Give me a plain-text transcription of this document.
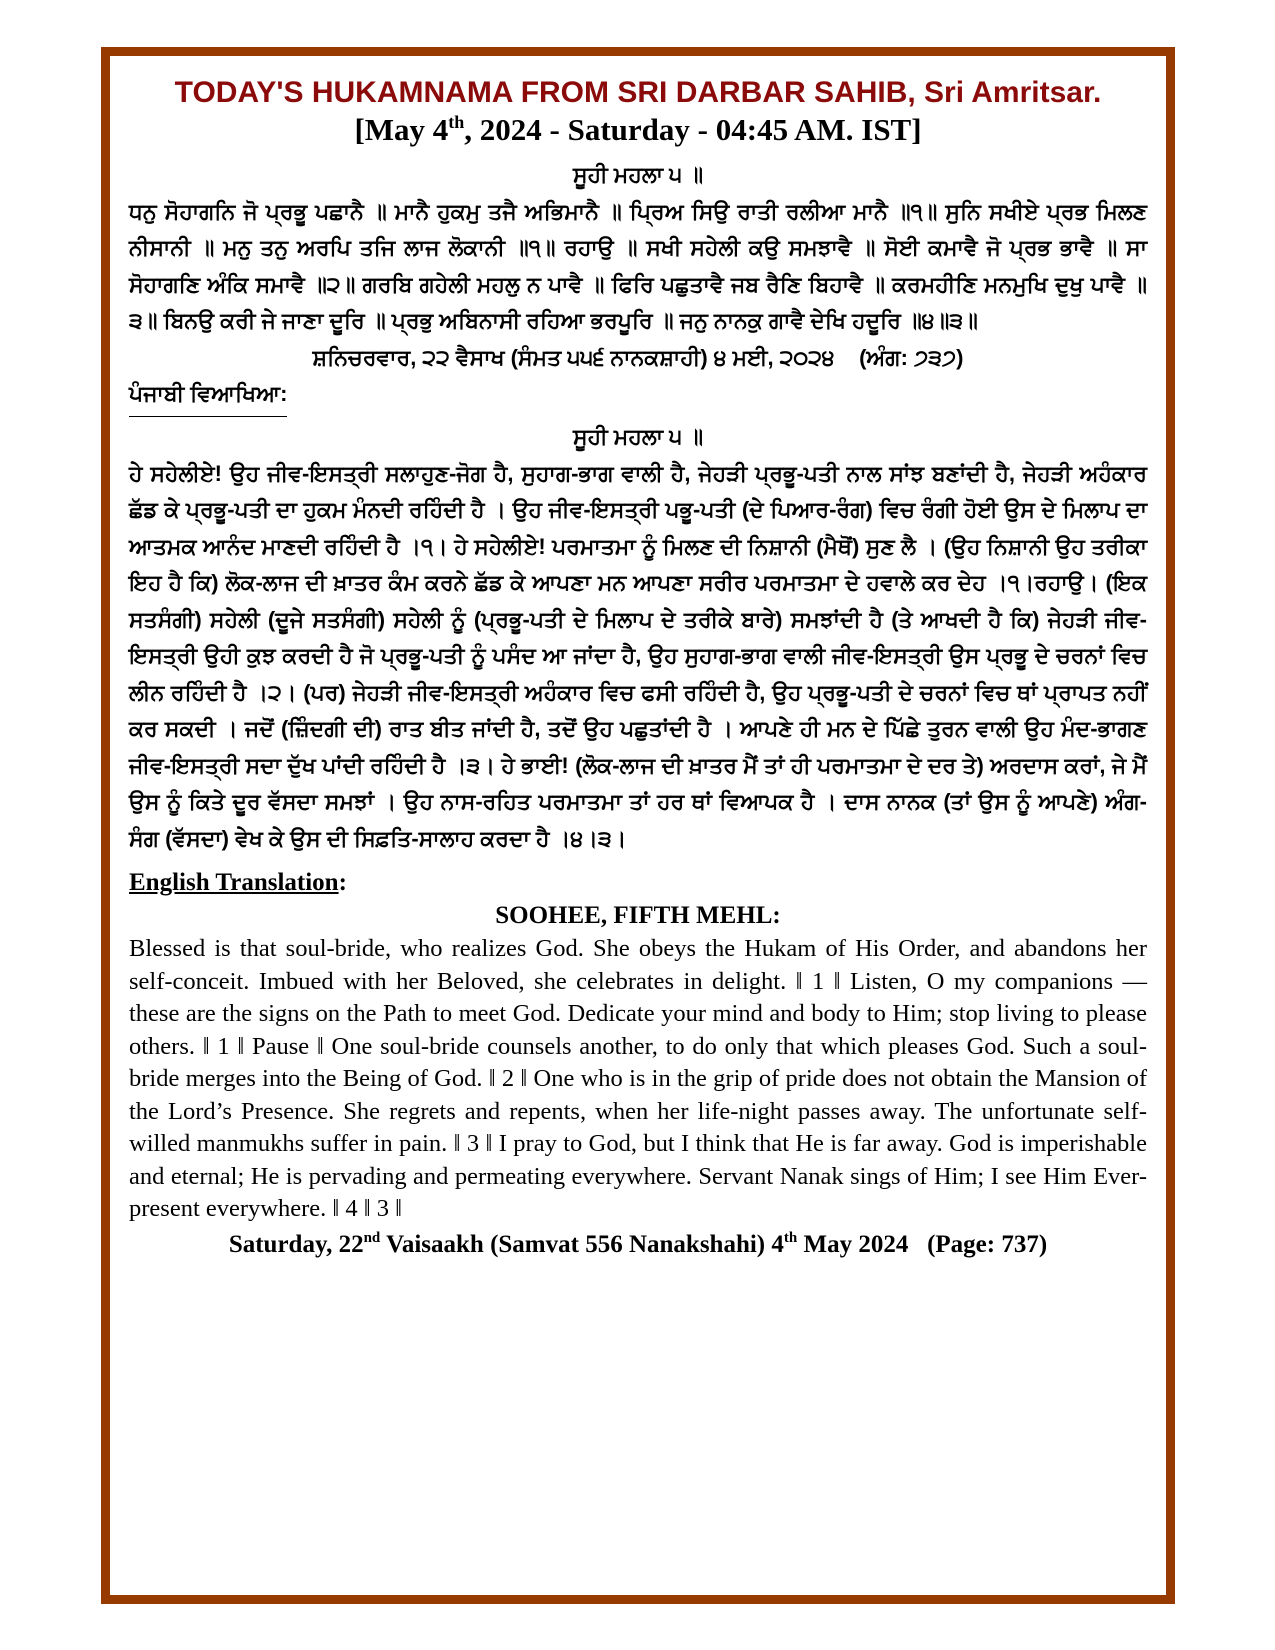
TODAY'S HUKAMNAMA FROM SRI DARBAR SAHIB, Sri Amritsar.
[May 4th, 2024 - Saturday - 04:45 AM. IST]
ਸੂਹੀ ਮਹਲਾ ੫ ॥
ਧਨੁ ਸੋਹਾਗਨਿ ਜੋ ਪ੍ਰਭੂ ਪਛਾਨੈ ॥ ਮਾਨੈ ਹੁਕਮੁ ਤਜੈ ਅਭਿਮਾਨੈ ॥ ਪ੍ਰਿਅ ਸਿਉ ਰਾਤੀ ਰਲੀਆ ਮਾਨੈ ॥੧॥ ਸੁਨਿ ਸਖੀਏ ਪ੍ਰਭ ਮਿਲਣ ਨੀਸਾਨੀ ॥ ਮਨੁ ਤਨੁ ਅਰਪਿ ਤਜਿ ਲਾਜ ਲੋਕਾਨੀ ॥੧॥ ਰਹਾਉ ॥ ਸਖੀ ਸਹੇਲੀ ਕਉ ਸਮਝਾਵੈ ॥ ਸੋਈ ਕਮਾਵੈ ਜੋ ਪ੍ਰਭ ਭਾਵੈ ॥ ਸਾ ਸੋਹਾਗਣਿ ਅੰਕਿ ਸਮਾਵੈ ॥੨॥ ਗਰਬਿ ਗਹੇਲੀ ਮਹਲੁ ਨ ਪਾਵੈ ॥ ਫਿਰਿ ਪਛੁਤਾਵੈ ਜਬ ਰੈਣਿ ਬਿਹਾਵੈ ॥ ਕਰਮਹੀਣਿ ਮਨਮੁਖਿ ਦੁਖੁ ਪਾਵੈ ॥੩॥ ਬਿਨਉ ਕਰੀ ਜੇ ਜਾਣਾ ਦੂਰਿ ॥ ਪ੍ਰਭੁ ਅਬਿਨਾਸੀ ਰਹਿਆ ਭਰਪੂਰਿ ॥ ਜਨੁ ਨਾਨਕੁ ਗਾਵੈ ਦੇਖਿ ਹਦੂਰਿ ॥੪॥੩॥
ਸ਼ਨਿਚਰਵਾਰ, ੨੨ ਵੈਸਾਖ (ਸੰਮਤ ੫੫੬ ਨਾਨਕਸ਼ਾਹੀ) ੪ ਮਈ, ੨੦੨੪ (ਅੰਗ: ੭੩੭)
ਪੰਜਾਬੀ ਵਿਆਖਿਆ:
ਸੂਹੀ ਮਹਲਾ ੫ ॥
ਹੇ ਸਹੇਲੀਏ! ਉਹ ਜੀਵ-ਇਸਤ੍ਰੀ ਸਲਾਹੁਣ-ਜੋਗ ਹੈ, ਸੁਹਾਗ-ਭਾਗ ਵਾਲੀ ਹੈ, ਜੇਹੜੀ ਪ੍ਰਭੂ-ਪਤੀ ਨਾਲ ਸਾਂਝ ਬਣਾਂਦੀ ਹੈ, ਜੇਹੜੀ ਅਹੰਕਾਰ ਛੱਡ ਕੇ ਪ੍ਰਭੂ-ਪਤੀ ਦਾ ਹੁਕਮ ਮੰਨਦੀ ਰਹਿੰਦੀ ਹੈ । ਉਹ ਜੀਵ-ਇਸਤ੍ਰੀ ਪਭੂ-ਪਤੀ (ਦੇ ਪਿਆਰ-ਰੰਗ) ਵਿਚ ਰੰਗੀ ਹੋਈ ਉਸ ਦੇ ਮਿਲਾਪ ਦਾ ਆਤਮਕ ਆਨੰਦ ਮਾਣਦੀ ਰਹਿੰਦੀ ਹੈ ।੧। ਹੇ ਸਹੇਲੀਏ! ਪਰਮਾਤਮਾ ਨੂੰ ਮਿਲਣ ਦੀ ਨਿਸ਼ਾਨੀ (ਮੈਥੋਂ) ਸੁਣ ਲੈ । (ਉਹ ਨਿਸ਼ਾਨੀ ਉਹ ਤਰੀਕਾ ਇਹ ਹੈ ਕਿ) ਲੋਕ-ਲਾਜ ਦੀ ਖ਼ਾਤਰ ਕੰਮ ਕਰਨੇ ਛੱਡ ਕੇ ਆਪਣਾ ਮਨ ਆਪਣਾ ਸਰੀਰ ਪਰਮਾਤਮਾ ਦੇ ਹਵਾਲੇ ਕਰ ਦੇਹ ।੧।ਰਹਾਉ। (ਇਕ ਸਤਸੰਗੀ) ਸਹੇਲੀ (ਦੂਜੇ ਸਤਸੰਗੀ) ਸਹੇਲੀ ਨੂੰ (ਪ੍ਰਭੂ-ਪਤੀ ਦੇ ਮਿਲਾਪ ਦੇ ਤਰੀਕੇ ਬਾਰੇ) ਸਮਝਾਂਦੀ ਹੈ (ਤੇ ਆਖਦੀ ਹੈ ਕਿ) ਜੇਹੜੀ ਜੀਵ-ਇਸਤ੍ਰੀ ਉਹੀ ਕੁਝ ਕਰਦੀ ਹੈ ਜੋ ਪ੍ਰਭੂ-ਪਤੀ ਨੂੰ ਪਸੰਦ ਆ ਜਾਂਦਾ ਹੈ, ਉਹ ਸੁਹਾਗ-ਭਾਗ ਵਾਲੀ ਜੀਵ-ਇਸਤ੍ਰੀ ਉਸ ਪ੍ਰਭੂ ਦੇ ਚਰਨਾਂ ਵਿਚ ਲੀਨ ਰਹਿੰਦੀ ਹੈ ।੨। (ਪਰ) ਜੇਹੜੀ ਜੀਵ-ਇਸਤ੍ਰੀ ਅਹੰਕਾਰ ਵਿਚ ਫਸੀ ਰਹਿੰਦੀ ਹੈ, ਉਹ ਪ੍ਰਭੂ-ਪਤੀ ਦੇ ਚਰਨਾਂ ਵਿਚ ਥਾਂ ਪ੍ਰਾਪਤ ਨਹੀਂ ਕਰ ਸਕਦੀ । ਜਦੋਂ (ਜ਼ਿੰਦਗੀ ਦੀ) ਰਾਤ ਬੀਤ ਜਾਂਦੀ ਹੈ, ਤਦੋਂ ਉਹ ਪਛੁਤਾਂਦੀ ਹੈ । ਆਪਣੇ ਹੀ ਮਨ ਦੇ ਪਿੱਛੇ ਤੁਰਨ ਵਾਲੀ ਉਹ ਮੰਦ-ਭਾਗਣ ਜੀਵ-ਇਸਤ੍ਰੀ ਸਦਾ ਦੁੱਖ ਪਾਂਦੀ ਰਹਿੰਦੀ ਹੈ ।੩। ਹੇ ਭਾਈ! (ਲੋਕ-ਲਾਜ ਦੀ ਖ਼ਾਤਰ ਮੈਂ ਤਾਂ ਹੀ ਪਰਮਾਤਮਾ ਦੇ ਦਰ ਤੇ) ਅਰਦਾਸ ਕਰਾਂ, ਜੇ ਮੈਂ ਉਸ ਨੂੰ ਕਿਤੇ ਦੂਰ ਵੱਸਦਾ ਸਮਝਾਂ । ਉਹ ਨਾਸ-ਰਹਿਤ ਪਰਮਾਤਮਾ ਤਾਂ ਹਰ ਥਾਂ ਵਿਆਪਕ ਹੈ । ਦਾਸ ਨਾਨਕ (ਤਾਂ ਉਸ ਨੂੰ ਆਪਣੇ) ਅੰਗ-ਸੰਗ (ਵੱਸਦਾ) ਵੇਖ ਕੇ ਉਸ ਦੀ ਸਿਫ਼ਤਿ-ਸਾਲਾਹ ਕਰਦਾ ਹੈ ।੪।੩।
English Translation:
SOOHEE, FIFTH MEHL:
Blessed is that soul-bride, who realizes God. She obeys the Hukam of His Order, and abandons her self-conceit. Imbued with her Beloved, she celebrates in delight. ‖ 1 ‖ Listen, O my companions — these are the signs on the Path to meet God. Dedicate your mind and body to Him; stop living to please others. ‖ 1 ‖ Pause ‖ One soul-bride counsels another, to do only that which pleases God. Such a soul-bride merges into the Being of God. ‖ 2 ‖ One who is in the grip of pride does not obtain the Mansion of the Lord’s Presence. She regrets and repents, when her life-night passes away. The unfortunate self-willed manmukhs suffer in pain. ‖ 3 ‖ I pray to God, but I think that He is far away. God is imperishable and eternal; He is pervading and permeating everywhere. Servant Nanak sings of Him; I see Him Ever-present everywhere. ‖ 4 ‖ 3 ‖
Saturday, 22nd Vaisaakh (Samvat 556 Nanakshahi) 4th May 2024 (Page: 737)
